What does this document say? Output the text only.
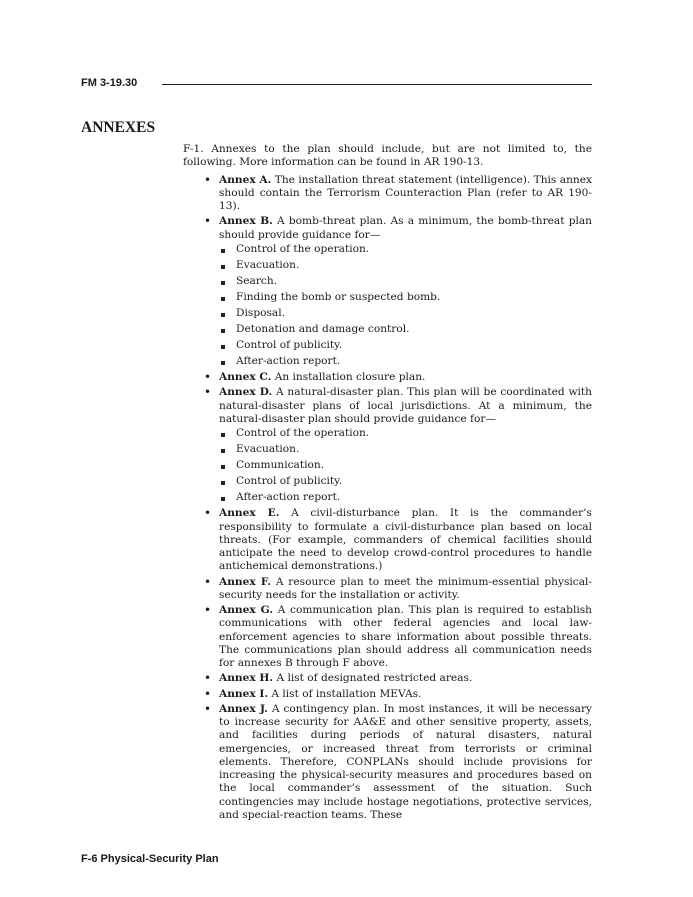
FM 3-19.30
ANNEXES

F-1. Annexes to the plan should include, but are not limited to, the following. More information can be found in AR 190-13.

• Annex A. The installation threat statement (intelligence). This annex should contain the Terrorism Counteraction Plan (refer to AR 190-13).
• Annex B. A bomb-threat plan. As a minimum, the bomb-threat plan should provide guidance for—
Control of the operation.
Evacuation.
Search.
Finding the bomb or suspected bomb.
Disposal.
Detonation and damage control.
Control of publicity.
After-action report.
• Annex C. An installation closure plan.
• Annex D. A natural-disaster plan. This plan will be coordinated with natural-disaster plans of local jurisdictions. At a minimum, the natural-disaster plan should provide guidance for—
Control of the operation.
Evacuation.
Communication.
Control of publicity.
After-action report.
• Annex E. A civil-disturbance plan. It is the commander’s responsibility to formulate a civil-disturbance plan based on local threats. (For example, commanders of chemical facilities should anticipate the need to develop crowd-control procedures to handle antichemical demonstrations.)
• Annex F. A resource plan to meet the minimum-essential physical-security needs for the installation or activity.
• Annex G. A communication plan. This plan is required to establish communications with other federal agencies and local law-enforcement agencies to share information about possible threats. The communications plan should address all communication needs for annexes B through F above.
• Annex H. A list of designated restricted areas.
• Annex I. A list of installation MEVAs.
• Annex J. A contingency plan. In most instances, it will be necessary to increase security for AA&E and other sensitive property, assets, and facilities during periods of natural disasters, natural emergencies, or increased threat from terrorists or criminal elements. Therefore, CONPLANs should include provisions for increasing the physical-security measures and procedures based on the local commander’s assessment of the situation. Such contingencies may include hostage negotiations, protective services, and special-reaction teams. These
F-6 Physical-Security Plan
